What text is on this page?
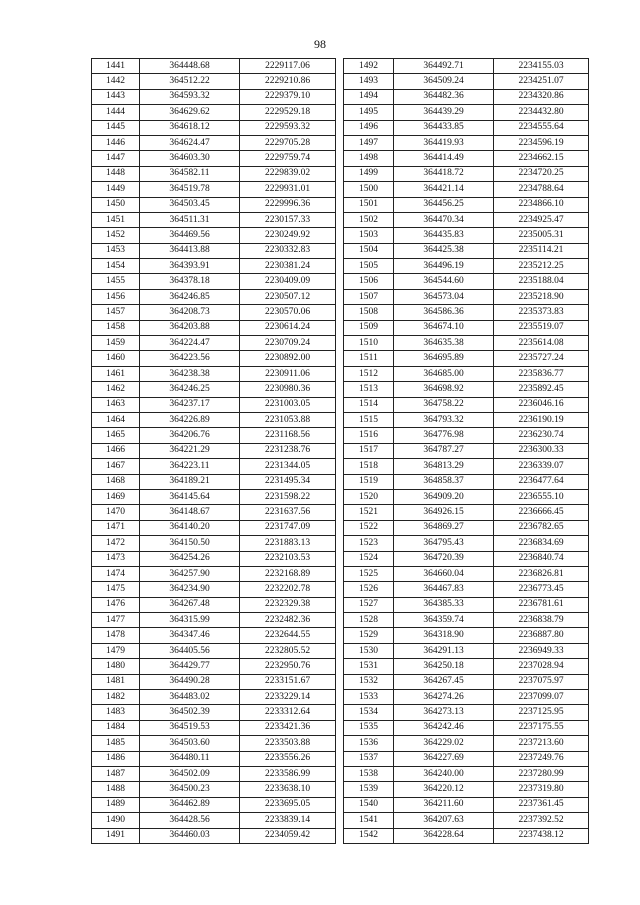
98
1441	364448.68	2229117.06
1442	364512.22	2229210.86
1443	364593.32	2229379.10
1444	364629.62	2229529.18
1445	364618.12	2229593.32
1446	364624.47	2229705.28
1447	364603.30	2229759.74
1448	364582.11	2229839.02
1449	364519.78	2229931.01
1450	364503.45	2229996.36
1451	364511.31	2230157.33
1452	364469.56	2230249.92
1453	364413.88	2230332.83
1454	364393.91	2230381.24
1455	364378.18	2230409.09
1456	364246.85	2230507.12
1457	364208.73	2230570.06
1458	364203.88	2230614.24
1459	364224.47	2230709.24
1460	364223.56	2230892.00
1461	364238.38	2230911.06
1462	364246.25	2230980.36
1463	364237.17	2231003.05
1464	364226.89	2231053.88
1465	364206.76	2231168.56
1466	364221.29	2231238.76
1467	364223.11	2231344.05
1468	364189.21	2231495.34
1469	364145.64	2231598.22
1470	364148.67	2231637.56
1471	364140.20	2231747.09
1472	364150.50	2231883.13
1473	364254.26	2232103.53
1474	364257.90	2232168.89
1475	364234.90	2232202.78
1476	364267.48	2232329.38
1477	364315.99	2232482.36
1478	364347.46	2232644.55
1479	364405.56	2232805.52
1480	364429.77	2232950.76
1481	364490.28	2233151.67
1482	364483.02	2233229.14
1483	364502.39	2233312.64
1484	364519.53	2233421.36
1485	364503.60	2233503.88
1486	364480.11	2233556.26
1487	364502.09	2233586.99
1488	364500.23	2233638.10
1489	364462.89	2233695.05
1490	364428.56	2233839.14
1491	364460.03	2234059.42
1492	364492.71	2234155.03
1493	364509.24	2234251.07
1494	364482.36	2234320.86
1495	364439.29	2234432.80
1496	364433.85	2234555.64
1497	364419.93	2234596.19
1498	364414.49	2234662.15
1499	364418.72	2234720.25
1500	364421.14	2234788.64
1501	364456.25	2234866.10
1502	364470.34	2234925.47
1503	364435.83	2235005.31
1504	364425.38	2235114.21
1505	364496.19	2235212.25
1506	364544.60	2235188.04
1507	364573.04	2235218.90
1508	364586.36	2235373.83
1509	364674.10	2235519.07
1510	364635.38	2235614.08
1511	364695.89	2235727.24
1512	364685.00	2235836.77
1513	364698.92	2235892.45
1514	364758.22	2236046.16
1515	364793.32	2236190.19
1516	364776.98	2236230.74
1517	364787.27	2236300.33
1518	364813.29	2236339.07
1519	364858.37	2236477.64
1520	364909.20	2236555.10
1521	364926.15	2236666.45
1522	364869.27	2236782.65
1523	364795.43	2236834.69
1524	364720.39	2236840.74
1525	364660.04	2236826.81
1526	364467.83	2236773.45
1527	364385.33	2236781.61
1528	364359.74	2236838.79
1529	364318.90	2236887.80
1530	364291.13	2236949.33
1531	364250.18	2237028.94
1532	364267.45	2237075.97
1533	364274.26	2237099.07
1534	364273.13	2237125.95
1535	364242.46	2237175.55
1536	364229.02	2237213.60
1537	364227.69	2237249.76
1538	364240.00	2237280.99
1539	364220.12	2237319.80
1540	364211.60	2237361.45
1541	364207.63	2237392.52
1542	364228.64	2237438.12
